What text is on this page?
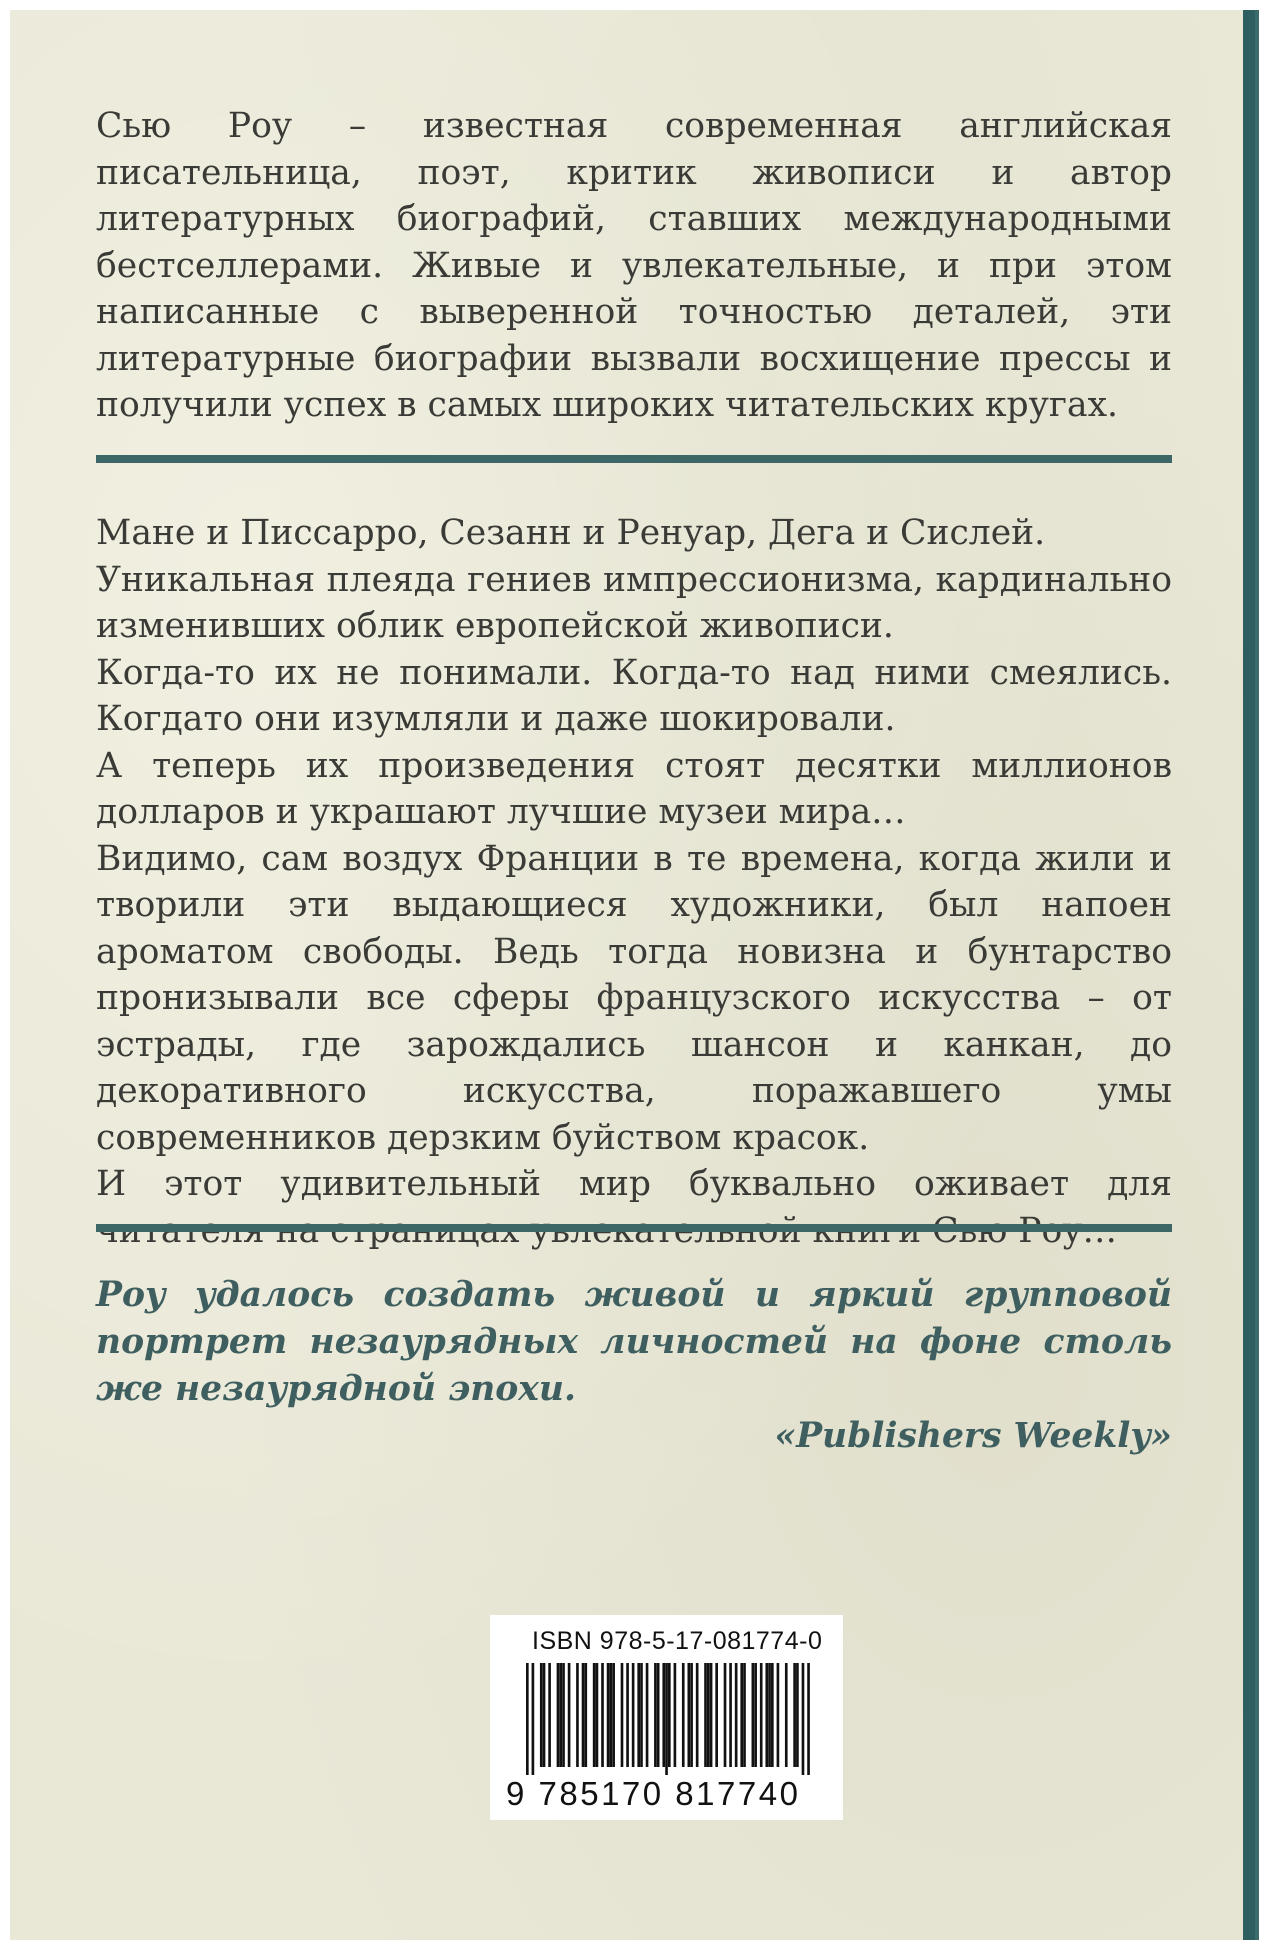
Сью Роу – известная современная английская писательница, поэт, критик живописи и автор литературных биографий, ставших международными бестселлерами. Живые и увлекательные, и при этом написанные с выверенной точностью деталей, эти литературные биографии вызвали восхищение прессы и получили успех в самых широких читательских кругах.

Мане и Писсарро, Сезанн и Ренуар, Дега и Сислей.

Уникальная плеяда гениев импрессионизма, кардинально изменивших облик европейской живописи.

Когда-то их не понимали. Когда-то над ними смеялись. Когдато они изумляли и даже шокировали.

А теперь их произведения стоят десятки миллионов долларов и украшают лучшие музеи мира…

Видимо, сам воздух Франции в те времена, когда жили и творили эти выдающиеся художники, был напоен ароматом свободы. Ведь тогда новизна и бунтарство пронизывали все сферы французского искусства – от эстрады, где зарождались шансон и канкан, до декоративного искусства, поражавшего умы современников дерзким буйством красок.

И этот удивительный мир буквально оживает для

Роу удалось создать живой и яркий групповой портрет незаурядных личностей на фоне столь же незаурядной эпохи.
«Publishers Weekly»
ISBN 978-5-17-081774-0
9 785170 817740
